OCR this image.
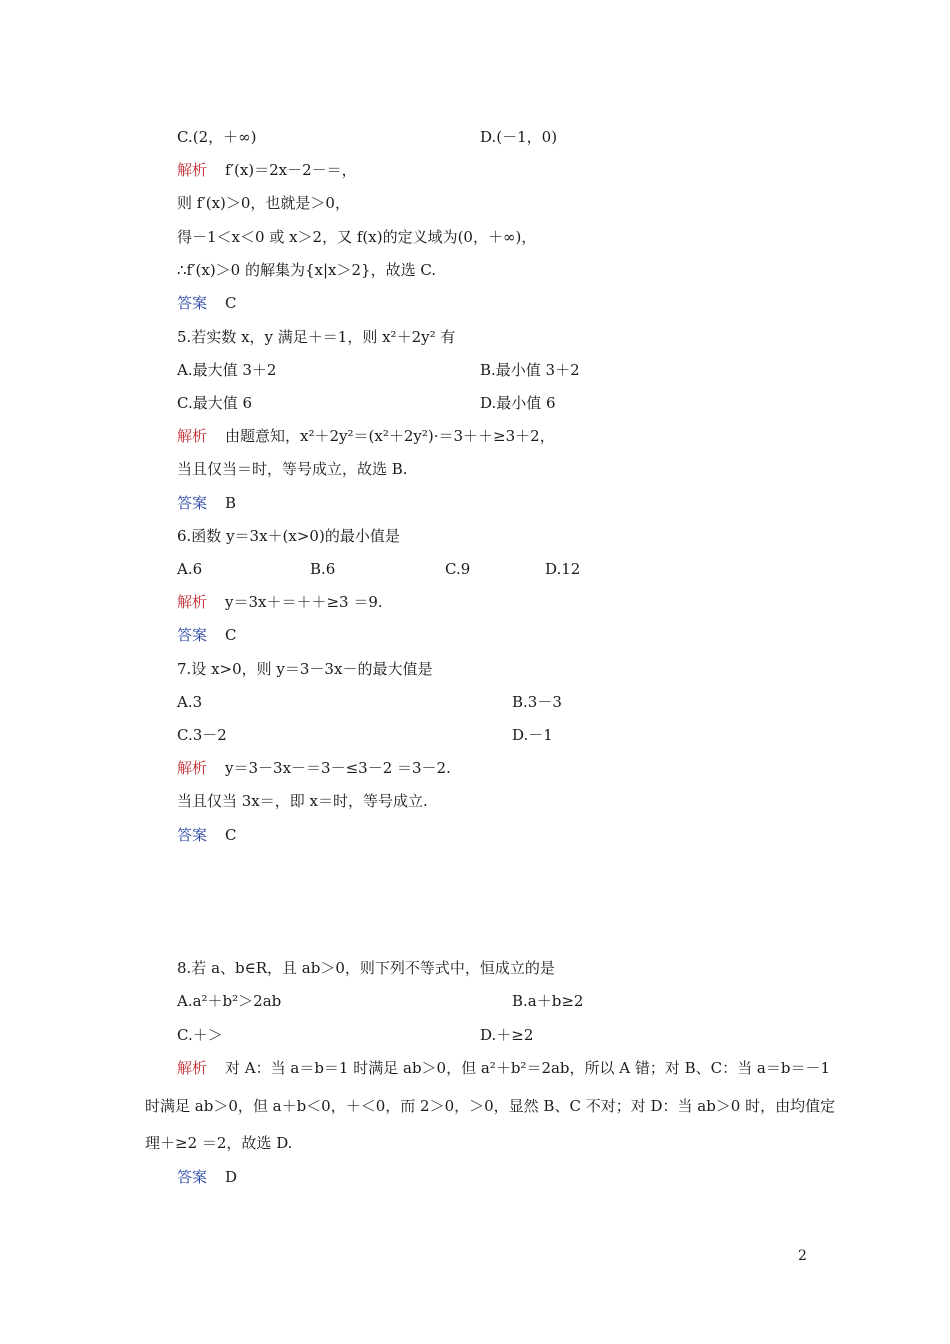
C.(2，＋∞)	D.(－1，0)
解析 f′(x)＝2x－2－＝，
则 f′(x)＞0，也就是＞0，
得－1＜x＜0 或 x＞2，又 f(x)的定义域为(0，＋∞)，
∴f′(x)＞0 的解集为{x|x＞2}，故选 C.
答案 C
5.若实数 x，y 满足＋＝1，则 x²＋2y² 有
A.最大值 3＋2	B.最小值 3＋2
C.最大值 6	D.最小值 6
解析 由题意知，x²＋2y²＝(x²＋2y²)·＝3＋＋≥3＋2，
当且仅当＝时，等号成立，故选 B.
答案 B
6.函数 y＝3x＋(x>0)的最小值是
A.6	B.6	C.9	D.12
解析 y＝3x＋＝＋＋≥3 ＝9.
答案 C
7.设 x>0，则 y＝3－3x－的最大值是
A.3	B.3－3
C.3－2	D.－1
解析 y＝3－3x－＝3－≤3－2 ＝3－2.
当且仅当 3x＝，即 x＝时，等号成立.
答案 C
8.若 a、b∈R，且 ab＞0，则下列不等式中，恒成立的是
A.a²＋b²＞2ab	B.a＋b≥2
C.＋＞	D.＋≥2
解析 对 A：当 a＝b＝1 时满足 ab＞0，但 a²＋b²＝2ab，所以 A 错；对 B、C：当 a＝b＝－1
时满足 ab＞0，但 a＋b＜0，＋＜0，而 2＞0，＞0，显然 B、C 不对；对 D：当 ab＞0 时，由均值定
理＋≥2 ＝2，故选 D.
答案 D
2
